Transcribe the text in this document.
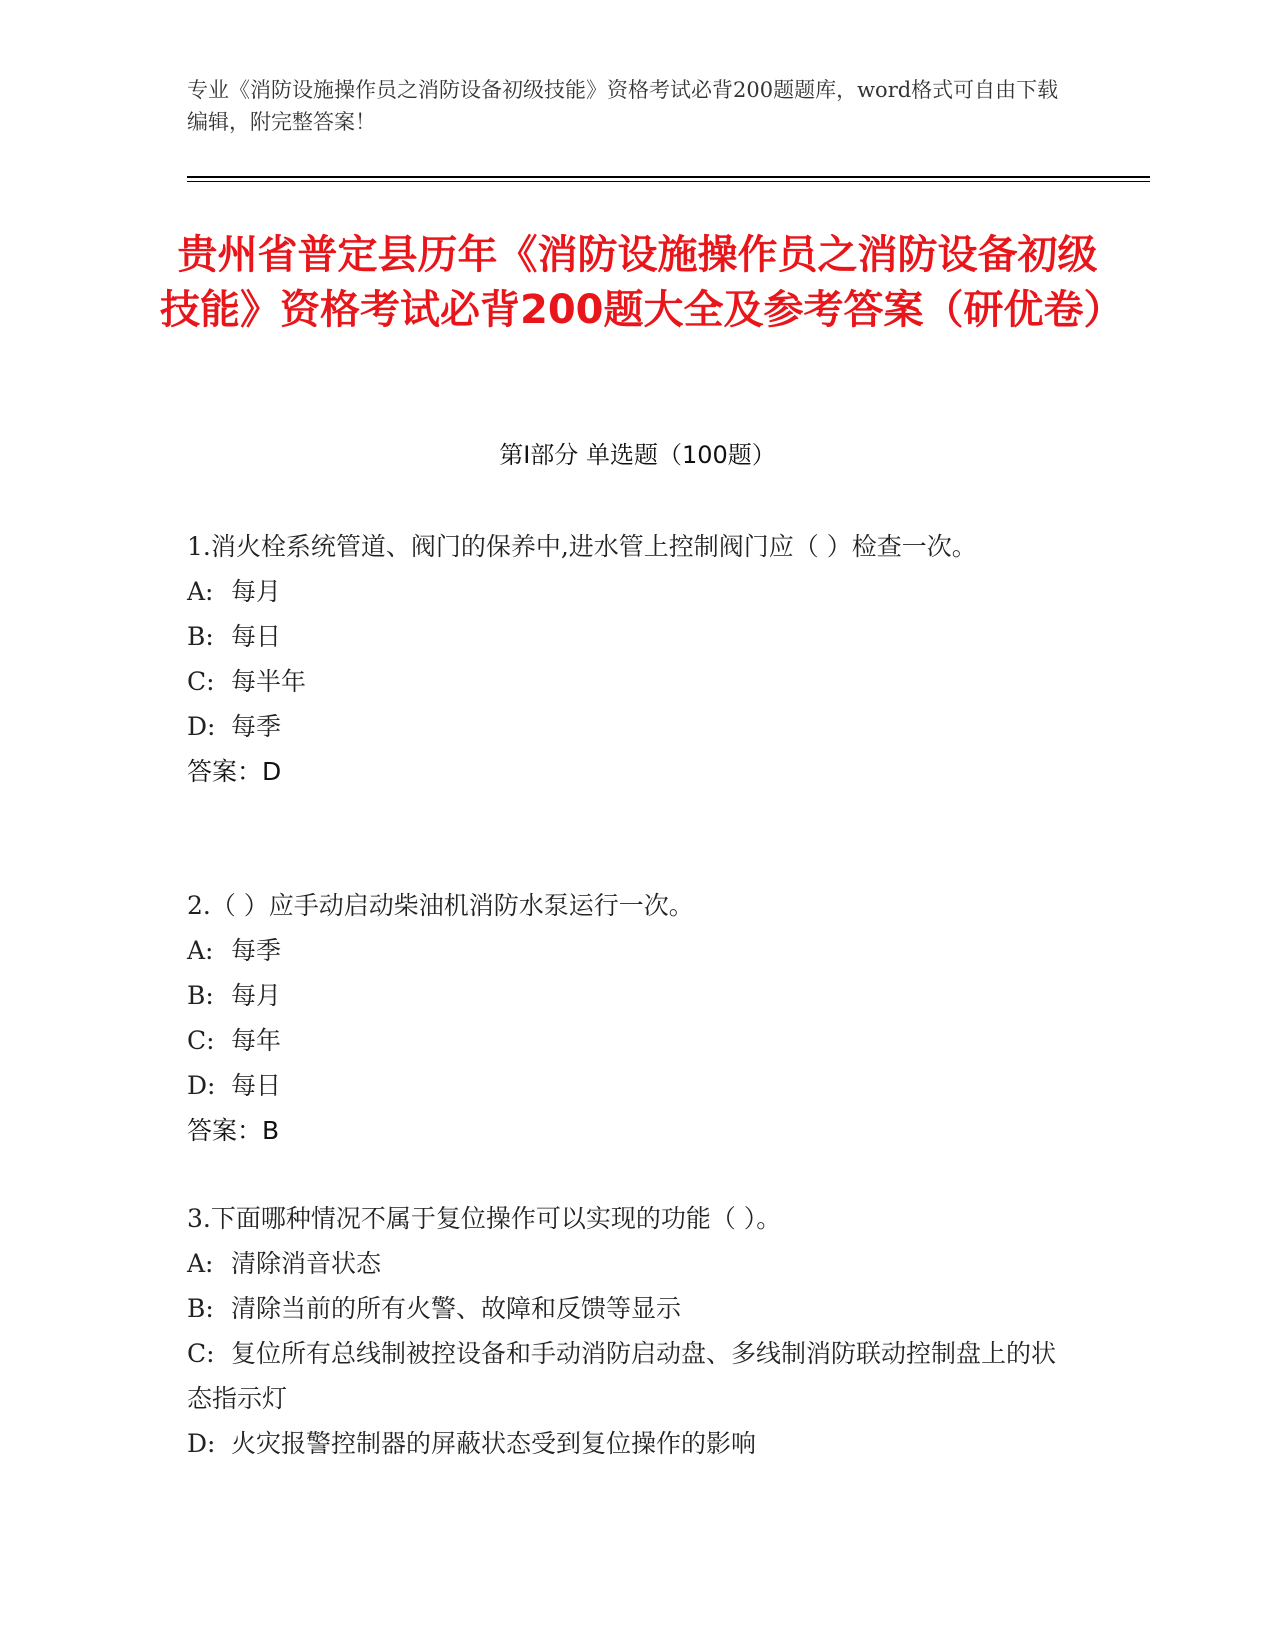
专业《消防设施操作员之消防设备初级技能》资格考试必背200题题库，word格式可自由下载编辑，附完整答案！
贵州省普定县历年《消防设施操作员之消防设备初级技能》资格考试必背200题大全及参考答案（研优卷）
第I部分 单选题（100题）
1.消火栓系统管道、阀门的保养中,进水管上控制阀门应（ ）检查一次。
A: 每月
B: 每日
C: 每半年
D: 每季
答案：D
2.（ ）应手动启动柴油机消防水泵运行一次。
A: 每季
B: 每月
C: 每年
D: 每日
答案：B
3.下面哪种情况不属于复位操作可以实现的功能（ ）。
A: 清除消音状态
B: 清除当前的所有火警、故障和反馈等显示
C: 复位所有总线制被控设备和手动消防启动盘、多线制消防联动控制盘上的状态指示灯
D: 火灾报警控制器的屏蔽状态受到复位操作的影响
